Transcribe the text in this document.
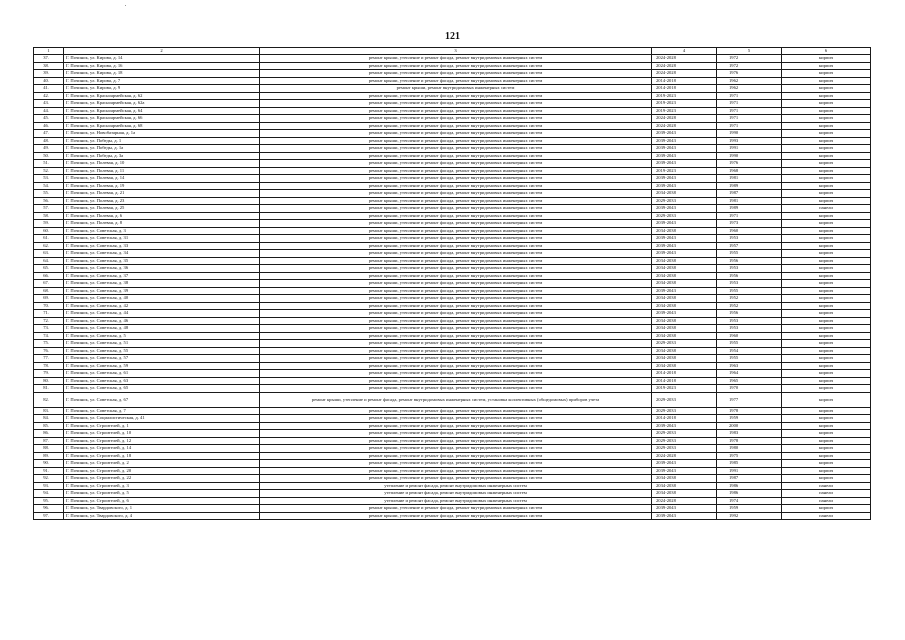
121
1	2	3	4	5	6
37.	Г. Починок, ул. Кирова, д. 14	ремонт крыши, утепление и ремонт фасада, ремонт внутридомовых инженерных систем	2024-2028	1972	кирпич
38.	Г. Починок, ул. Кирова, д. 16	ремонт крыши, утепление и ремонт фасада, ремонт внутридомовых инженерных систем	2024-2028	1972	кирпич
39.	Г. Починок, ул. Кирова, д. 18	ремонт крыши, утепление и ремонт фасада, ремонт внутридомовых инженерных систем	2024-2028	1976	кирпич
40.	Г. Починок, ул. Кирова, д. 7	ремонт крыши, утепление и ремонт фасада, ремонт внутридомовых инженерных систем	2014-2018	1962	кирпич
41.	Г. Починок, ул. Кирова, д. 9	ремонт крыши, ремонт внутридомовых инженерных систем	2014-2018	1962	кирпич
42.	Г. Починок, ул. Красноармейская, д. 62	ремонт крыши, утепление и ремонт фасада, ремонт внутридомовых инженерных систем	2019-2023	1971	кирпич
43.	Г. Починок, ул. Красноармейская, д. 62а	ремонт крыши, утепление и ремонт фасада, ремонт внутридомовых инженерных систем	2019-2023	1971	кирпич
44.	Г. Починок, ул. Красноармейская, д. 64	ремонт крыши, утепление и ремонт фасада, ремонт внутридомовых инженерных систем	2019-2023	1971	кирпич
45.	Г. Починок, ул. Красноармейская, д. 66	ремонт крыши, утепление и ремонт фасада, ремонт внутридомовых инженерных систем	2024-2028	1971	кирпич
46.	Г. Починок, ул. Красноармейская, д. 68	ремонт крыши, утепление и ремонт фасада, ремонт внутридомовых инженерных систем	2024-2028	1971	кирпич
47.	Г. Починок, ул. Новобазарная, д. 1а	ремонт крыши, утепление и ремонт фасада, ремонт внутридомовых инженерных систем	2039-2043	1990	кирпич
48.	Г. Починок, ул. Победы, д. 1	ремонт крыши, утепление и ремонт фасада, ремонт внутридомовых инженерных систем	2039-2043	1993	кирпич
49.	Г. Починок, ул. Победы, д. 1а	ремонт крыши, утепление и ремонт фасада, ремонт внутридомовых инженерных систем	2039-2043	1991	кирпич
50.	Г. Починок, ул. Победы, д. 3а	ремонт крыши, утепление и ремонт фасада, ремонт внутридомовых инженерных систем	2039-2043	1990	кирпич
51.	Г. Починок, ул. Полевая, д. 10	ремонт крыши, утепление и ремонт фасада, ремонт внутридомовых инженерных систем	2039-2043	1976	кирпич
52.	Г. Починок, ул. Полевая, д. 11	ремонт крыши, утепление и ремонт фасада, ремонт внутридомовых инженерных систем	2019-2023	1968	кирпич
53.	Г. Починок, ул. Полевая, д. 14	ремонт крыши, утепление и ремонт фасада, ремонт внутридомовых инженерных систем	2039-2043	1981	кирпич
54.	Г. Починок, ул. Полевая, д. 19	ремонт крыши, утепление и ремонт фасада, ремонт внутридомовых инженерных систем	2039-2043	1989	кирпич
55.	Г. Починок, ул. Полевая, д. 21	ремонт крыши, утепление и ремонт фасада, ремонт внутридомовых инженерных систем	2034-2038	1987	кирпич
56.	Г. Починок, ул. Полевая, д. 23	ремонт крыши, утепление и ремонт фасада, ремонт внутридомовых инженерных систем	2029-2033	1981	кирпич
57.	Г. Починок, ул. Полевая, д. 25	ремонт крыши, утепление и ремонт фасада, ремонт внутридомовых инженерных систем	2039-2043	1989	панели
58.	Г. Починок, ул. Полевая, д. 6	ремонт крыши, утепление и ремонт фасада, ремонт внутридомовых инженерных систем	2029-2033	1971	кирпич
59.	Г. Починок, ул. Полевая, д. 8	ремонт крыши, утепление и ремонт фасада, ремонт внутридомовых инженерных систем	2039-2043	1973	кирпич
60.	Г. Починок, ул. Советская, д. 3	ремонт крыши, утепление и ремонт фасада, ремонт внутридомовых инженерных систем	2034-2038	1960	кирпич
61.	Г. Починок, ул. Советская, д. 31	ремонт крыши, утепление и ремонт фасада, ремонт внутридомовых инженерных систем	2039-2043	1953	кирпич
62.	Г. Починок, ул. Советская, д. 33	ремонт крыши, утепление и ремонт фасада, ремонт внутридомовых инженерных систем	2039-2043	1957	кирпич
63.	Г. Починок, ул. Советская, д. 34	ремонт крыши, утепление и ремонт фасада, ремонт внутридомовых инженерных систем	2039-2043	1955	кирпич
64.	Г. Починок, ул. Советская, д. 35	ремонт крыши, утепление и ремонт фасада, ремонт внутридомовых инженерных систем	2034-2038	1956	кирпич
65.	Г. Починок, ул. Советская, д. 36	ремонт крыши, утепление и ремонт фасада, ремонт внутридомовых инженерных систем	2034-2038	1953	кирпич
66.	Г. Починок, ул. Советская, д. 37	ремонт крыши, утепление и ремонт фасада, ремонт внутридомовых инженерных систем	2034-2038	1956	кирпич
67.	Г. Починок, ул. Советская, д. 38	ремонт крыши, утепление и ремонт фасада, ремонт внутридомовых инженерных систем	2034-2038	1953	кирпич
68.	Г. Починок, ул. Советская, д. 39	ремонт крыши, утепление и ремонт фасада, ремонт внутридомовых инженерных систем	2039-2043	1955	кирпич
69.	Г. Починок, ул. Советская, д. 40	ремонт крыши, утепление и ремонт фасада, ремонт внутридомовых инженерных систем	2034-2038	1952	кирпич
70.	Г. Починок, ул. Советская, д. 42	ремонт крыши, утепление и ремонт фасада, ремонт внутридомовых инженерных систем	2034-2038	1952	кирпич
71.	Г. Починок, ул. Советская, д. 44	ремонт крыши, утепление и ремонт фасада, ремонт внутридомовых инженерных систем	2039-2043	1956	кирпич
72.	Г. Починок, ул. Советская, д. 46	ремонт крыши, утепление и ремонт фасада, ремонт внутридомовых инженерных систем	2034-2038	1953	кирпич
73.	Г. Починок, ул. Советская, д. 48	ремонт крыши, утепление и ремонт фасада, ремонт внутридомовых инженерных систем	2034-2038	1953	кирпич
74.	Г. Починок, ул. Советская, д. 5	ремонт крыши, утепление и ремонт фасада, ремонт внутридомовых инженерных систем	2034-2038	1960	кирпич
75.	Г. Починок, ул. Советская, д. 51	ремонт крыши, утепление и ремонт фасада, ремонт внутридомовых инженерных систем	2029-2033	1955	кирпич
76.	Г. Починок, ул. Советская, д. 55	ремонт крыши, утепление и ремонт фасада, ремонт внутридомовых инженерных систем	2034-2038	1954	кирпич
77.	Г. Починок, ул. Советская, д. 57	ремонт крыши, утепление и ремонт фасада, ремонт внутридомовых инженерных систем	2034-2038	1955	кирпич
78.	Г. Починок, ул. Советская, д. 59	ремонт крыши, утепление и ремонт фасада, ремонт внутридомовых инженерных систем	2034-2038	1963	кирпич
79.	Г. Починок, ул. Советская, д. 61	ремонт крыши, утепление и ремонт фасада, ремонт внутридомовых инженерных систем	2014-2018	1964	кирпич
80.	Г. Починок, ул. Советская, д. 63	ремонт крыши, утепление и ремонт фасада, ремонт внутридомовых инженерных систем	2014-2018	1965	кирпич
81.	Г. Починок, ул. Советская, д. 65	ремонт крыши, утепление и ремонт фасада, ремонт внутридомовых инженерных систем	2019-2023	1970	кирпич
82.	Г. Починок, ул. Советская, д. 67	ремонт крыши, утепление и ремонт фасада, ремонт внутридомовых инженерных систем, установка коллективных (общедомовых) приборов учета	2029-2033	1977	кирпич
83.	Г. Починок, ул. Советская, д. 7	ремонт крыши, утепление и ремонт фасада, ремонт внутридомовых инженерных систем	2029-2033	1978	кирпич
84.	Г. Починок, ул. Социалистическая, д. 41	ремонт крыши, утепление и ремонт фасада, ремонт внутридомовых инженерных систем	2014-2018	1959	кирпич
85.	Г. Починок, ул. Строителей, д. 1	ремонт крыши, утепление и ремонт фасада, ремонт внутридомовых инженерных систем	2039-2043	2000	кирпич
86.	Г. Починок, ул. Строителей, д. 10	ремонт крыши, утепление и ремонт фасада, ремонт внутридомовых инженерных систем	2029-2033	1983	кирпич
87.	Г. Починок, ул. Строителей, д. 12	ремонт крыши, утепление и ремонт фасада, ремонт внутридомовых инженерных систем	2029-2033	1978	кирпич
88.	Г. Починок, ул. Строителей, д. 14	ремонт крыши, утепление и ремонт фасада, ремонт внутридомовых инженерных систем	2029-2033	1980	кирпич
89.	Г. Починок, ул. Строителей, д. 18	ремонт крыши, утепление и ремонт фасада, ремонт внутридомовых инженерных систем	2024-2028	1975	кирпич
90.	Г. Починок, ул. Строителей, д. 2	ремонт крыши, утепление и ремонт фасада, ремонт внутридомовых инженерных систем	2039-2043	1985	кирпич
91.	Г. Починок, ул. Строителей, д. 20	ремонт крыши, утепление и ремонт фасада, ремонт внутридомовых инженерных систем	2039-2043	1991	кирпич
92.	Г. Починок, ул. Строителей, д. 22	ремонт крыши, утепление и ремонт фасада, ремонт внутридомовых инженерных систем	2034-2038	1987	кирпич
93.	Г. Починок, ул. Строителей, д. 3	утепление и ремонт фасада, ремонт внутридомовых инженерных систем	2034-2038	1986	панели
94.	Г. Починок, ул. Строителей, д. 5	утепление и ремонт фасада, ремонт внутридомовых инженерных систем	2034-2038	1986	панели
95.	Г. Починок, ул. Строителей, д. 6	утепление и ремонт фасада, ремонт внутридомовых инженерных систем	2024-2028	1974	панели
96.	Г. Починок, ул. Твардовского, д. 1	ремонт крыши, утепление и ремонт фасада, ремонт внутридомовых инженерных систем	2039-2043	1959	кирпич
97.	Г. Починок, ул. Твардовского, д. 4	ремонт крыши, утепление и ремонт фасада, ремонт внутридомовых инженерных систем	2039-2043	1992	панели
